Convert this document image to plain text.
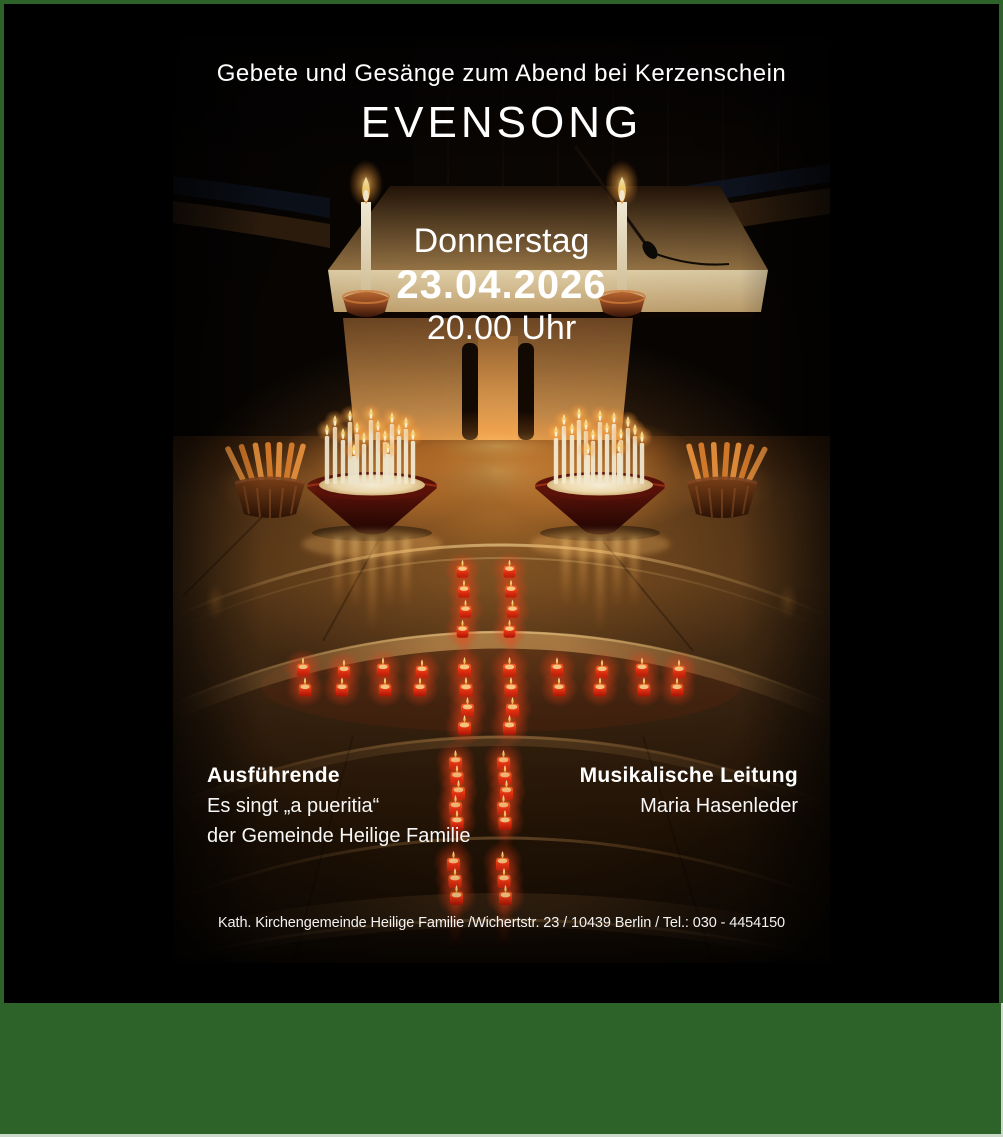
Gebete und Gesänge zum Abend bei Kerzenschein
EVENSONG
Donnerstag
23.04.2026
20.00 Uhr
Ausführende
Es singt „a pueritia“
der Gemeinde Heilige Familie
Musikalische Leitung
Maria Hasenleder
Kath. Kirchengemeinde Heilige Familie /Wichertstr. 23 / 10439 Berlin / Tel.: 030 - 4454150
